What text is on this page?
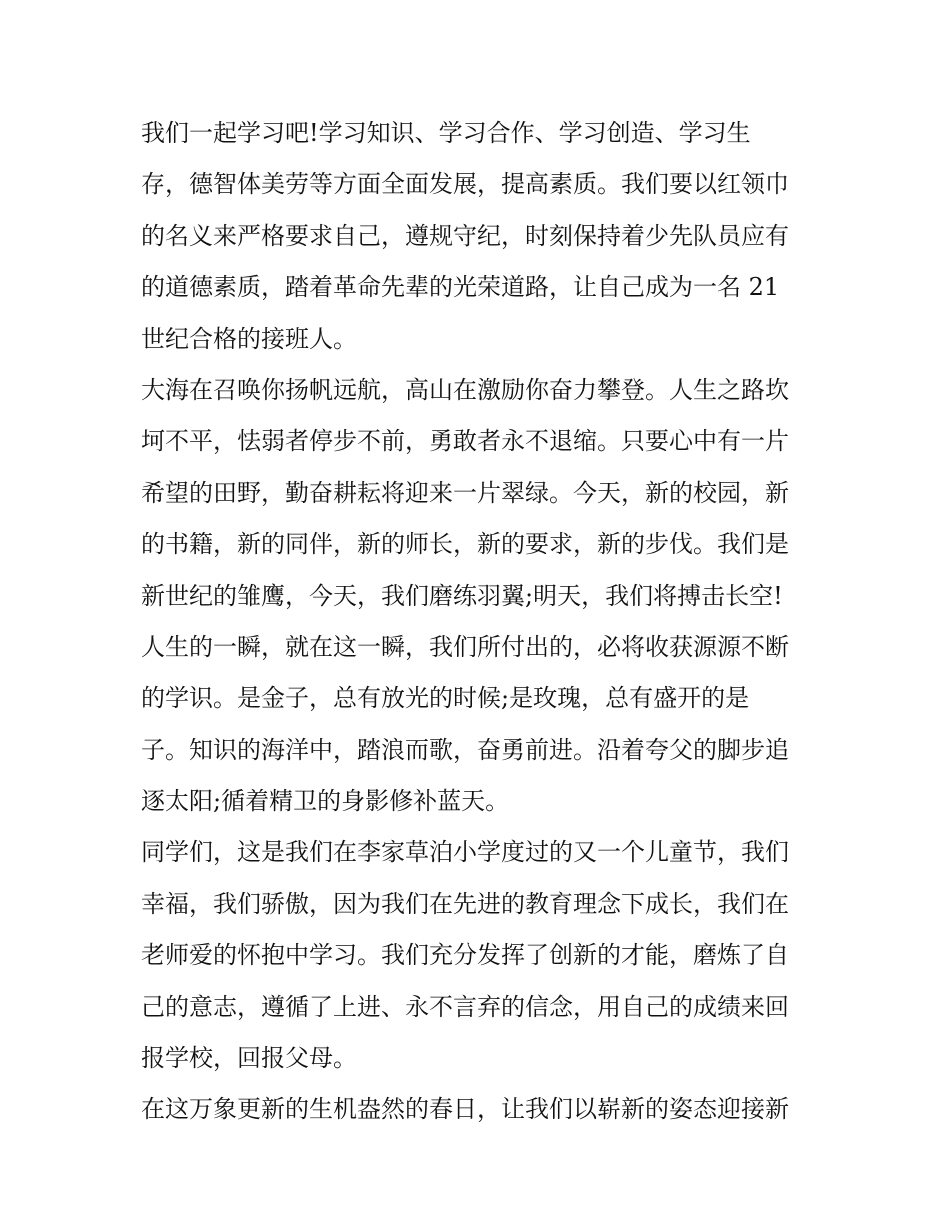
我们一起学习吧!学习知识、学习合作、学习创造、学习生
存，德智体美劳等方面全面发展，提高素质。我们要以红领巾
的名义来严格要求自己，遵规守纪，时刻保持着少先队员应有
的道德素质，踏着革命先辈的光荣道路，让自己成为一名 21
世纪合格的接班人。
大海在召唤你扬帆远航，高山在激励你奋力攀登。人生之路坎
坷不平，怯弱者停步不前，勇敢者永不退缩。只要心中有一片
希望的田野，勤奋耕耘将迎来一片翠绿。今天，新的校园，新
的书籍，新的同伴，新的师长，新的要求，新的步伐。我们是
新世纪的雏鹰，今天，我们磨练羽翼;明天，我们将搏击长空!
人生的一瞬，就在这一瞬，我们所付出的，必将收获源源不断
的学识。是金子，总有放光的时候;是玫瑰，总有盛开的是
子。知识的海洋中，踏浪而歌，奋勇前进。沿着夸父的脚步追
逐太阳;循着精卫的身影修补蓝天。
同学们，这是我们在李家草泊小学度过的又一个儿童节，我们
幸福，我们骄傲，因为我们在先进的教育理念下成长，我们在
老师爱的怀抱中学习。我们充分发挥了创新的才能，磨炼了自
己的意志，遵循了上进、永不言弃的信念，用自己的成绩来回
报学校，回报父母。
在这万象更新的生机盎然的春日，让我们以崭新的姿态迎接新
